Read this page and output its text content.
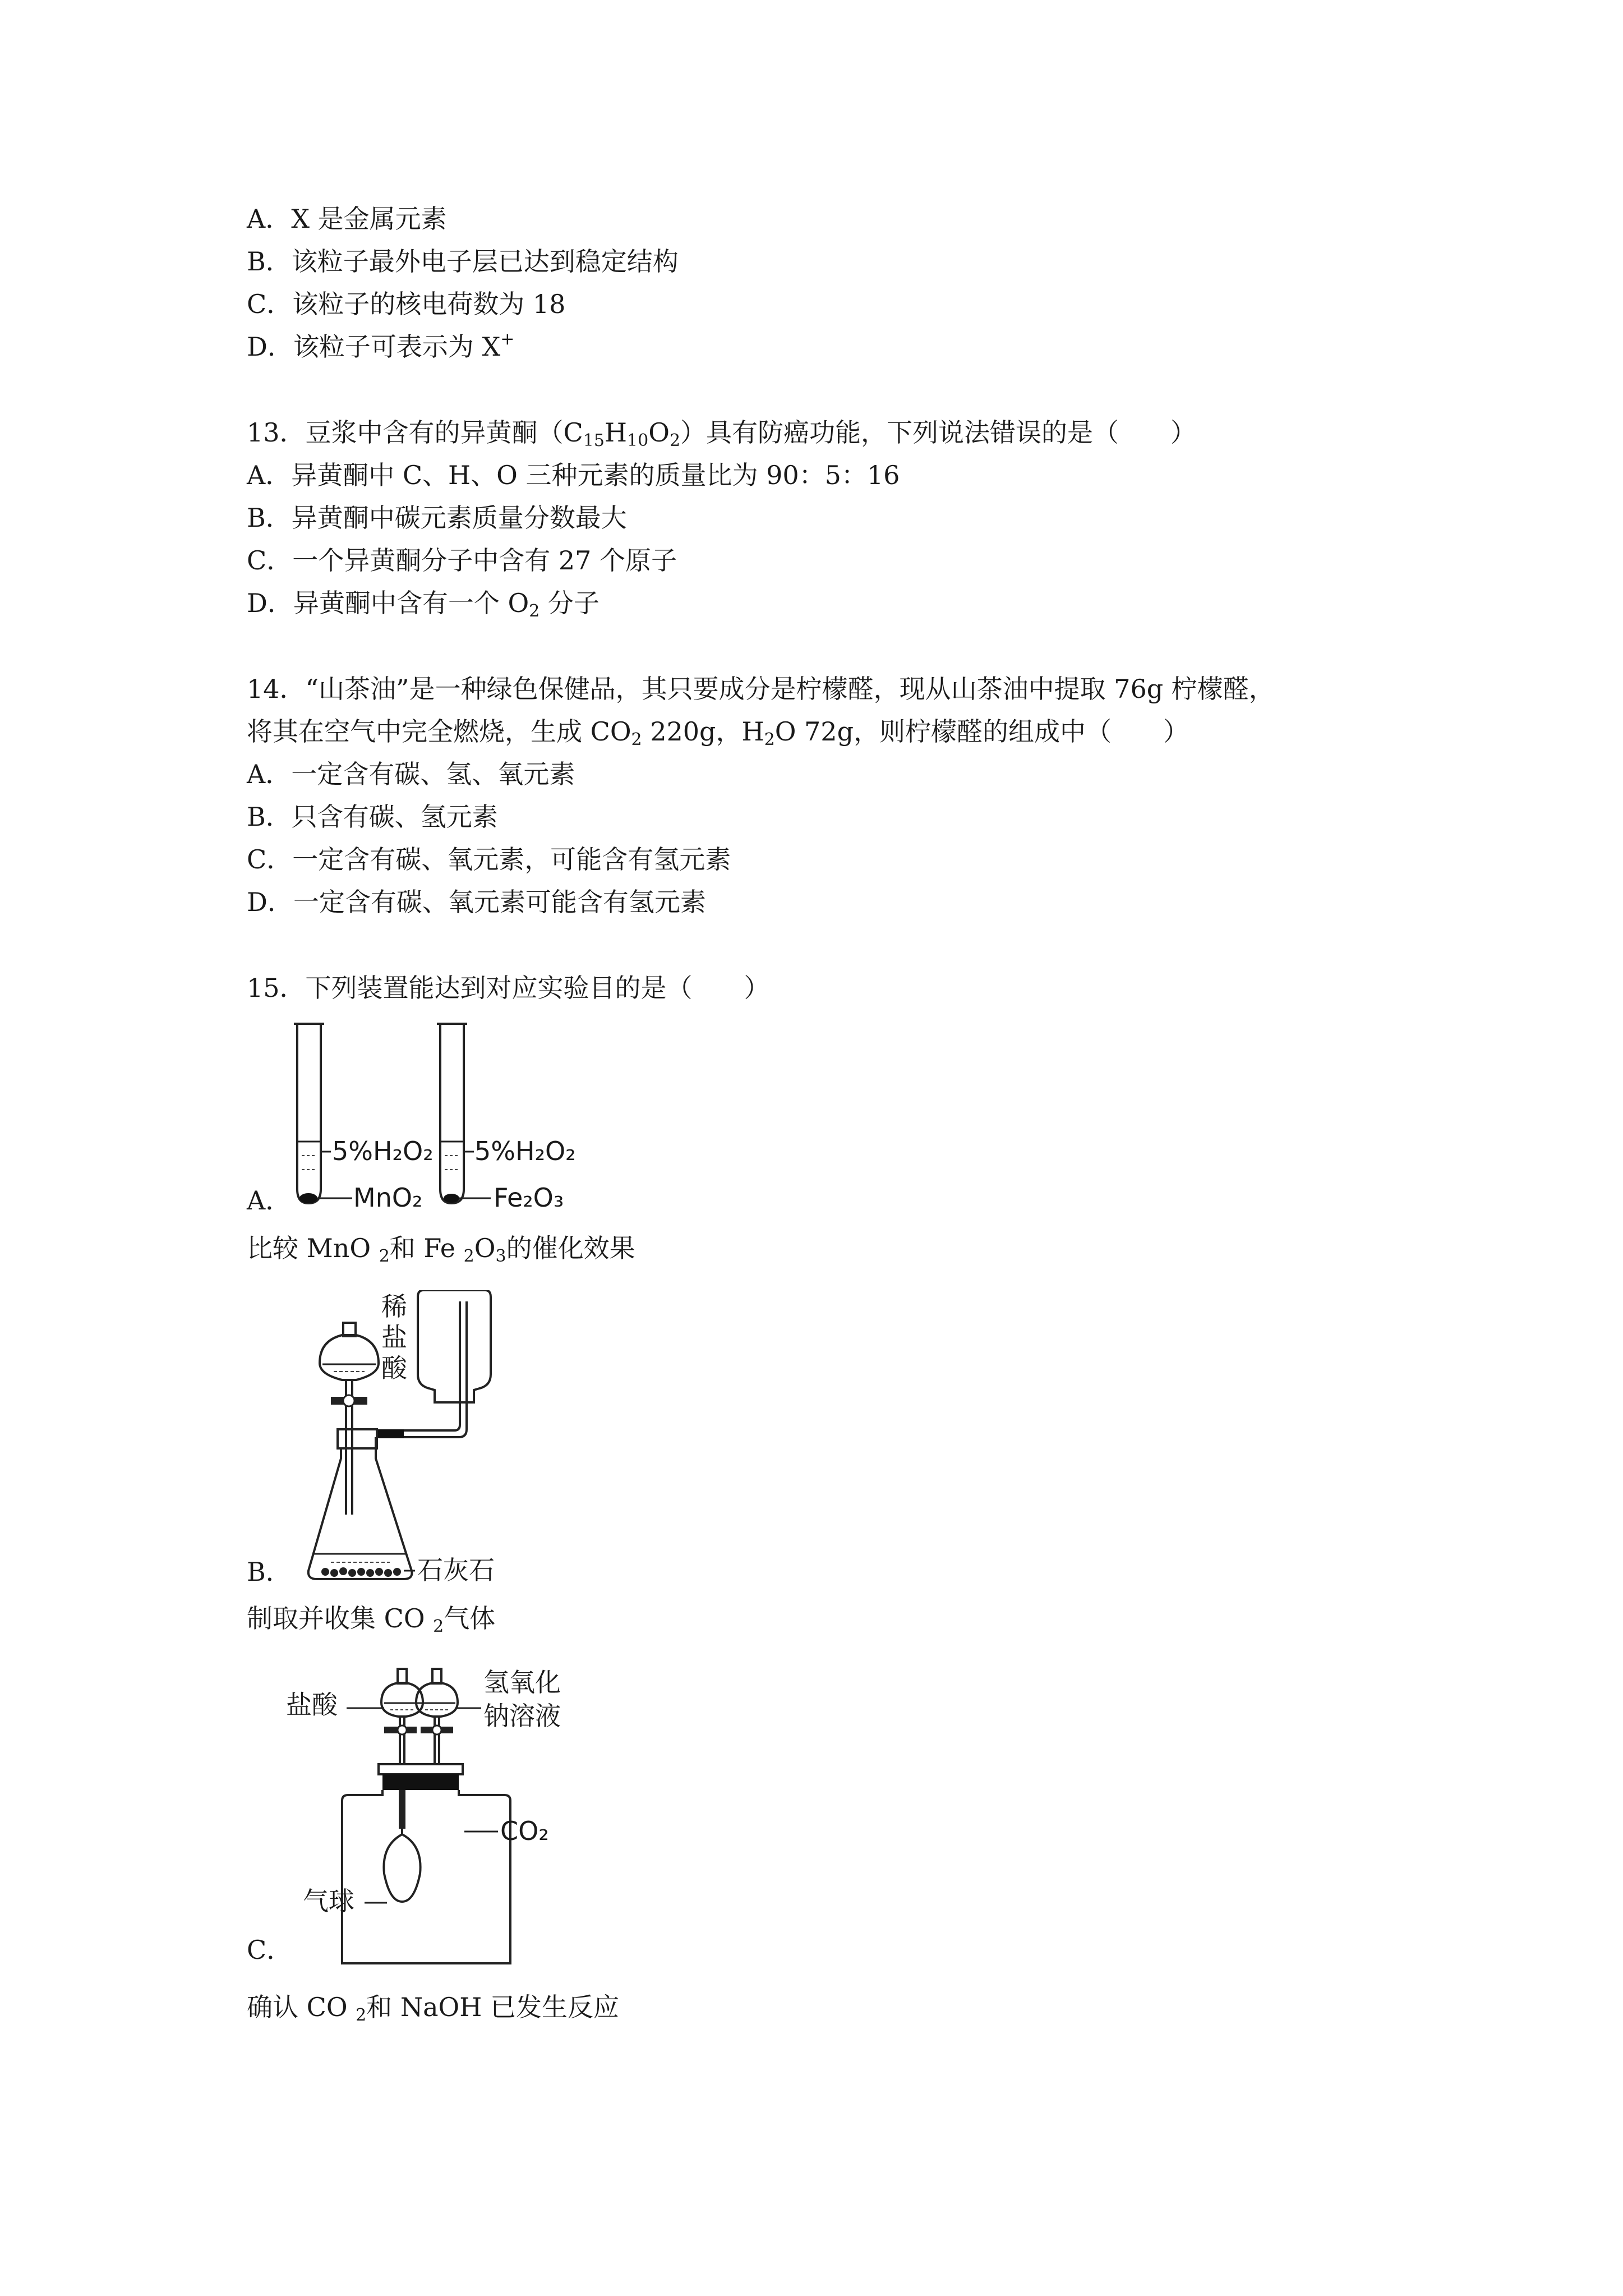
A．X 是金属元素
B．该粒子最外电子层已达到稳定结构
C．该粒子的核电荷数为 18
D．该粒子可表示为 X+
13．豆浆中含有的异黄酮$(C_{15}H_{10}O_2)$具有防癌功能，下列说法错误的是（　　）
A．异黄酮中 C、H、O 三种元素的质量比为 90：5：16
B．异黄酮中碳元素质量分数最大
C．一个异黄酮分子中含有 27 个原子
D．异黄酮中含有一个 $O_2$ 分子
14．“山茶油”是一种绿色保健品，其只要成分是柠檬醛，现从山茶油中提取 76g 柠檬醛，
将其在空气中完全燃烧，生成 $CO_2$ 220g，$H_2O$ 72g，则柠檬醛的组成中（　　）
A．一定含有碳、氢、氧元素
B．只含有碳、氢元素
C．一定含有碳、氧元素，可能含有氢元素
D．一定含有碳、氧元素可能含有氢元素
15．下列装置能达到对应实验目的是（　　）
5%H₂O₂ 5%H₂O₂
MnO₂	Fe₂O₃
A．
比较 MnO $_2$和 Fe $_2O_3$的催化效果
稀
盐
酸
石灰石
B．
制取并收集 CO $_2$气体
盐酸
氢氧化
钠溶液
CO₂
气球
C．
确认 CO $_2$和 NaOH 已发生反应
